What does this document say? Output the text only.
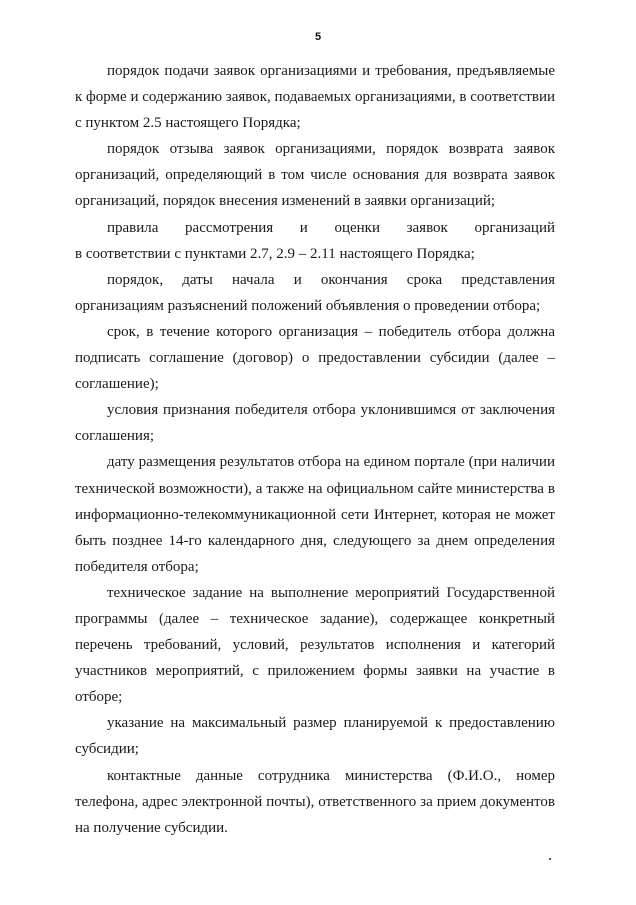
5

порядок подачи заявок организациями и требования, предъявляемые к форме и содержанию заявок, подаваемых организациями, в соответствии с пунктом 2.5 настоящего Порядка;

порядок отзыва заявок организациями, порядок возврата заявок организаций, определяющий в том числе основания для возврата заявок организаций, порядок внесения изменений в заявки организаций;

правила рассмотрения и оценки заявок организаций

в соответствии с пунктами 2.7, 2.9 – 2.11 настоящего Порядка;

порядок, даты начала и окончания срока представления организациям разъяснений положений объявления о проведении отбора;

срок, в течение которого организация – победитель отбора должна подписать соглашение (договор) о предоставлении субсидии (далее – соглашение);

условия признания победителя отбора уклонившимся от заключения соглашения;

дату размещения результатов отбора на едином портале (при наличии технической возможности), а также на официальном сайте министерства в информационно-телекоммуникационной сети Интернет, которая не может быть позднее 14-го календарного дня, следующего за днем определения победителя отбора;

техническое задание на выполнение мероприятий Государственной программы (далее – техническое задание), содержащее конкретный перечень требований, условий, результатов исполнения и категорий участников мероприятий, с приложением формы заявки на участие в отборе;

указание на максимальный размер планируемой к предоставлению субсидии;

контактные данные сотрудника министерства (Ф.И.О., номер телефона, адрес электронной почты), ответственного за прием документов на получение субсидии.
